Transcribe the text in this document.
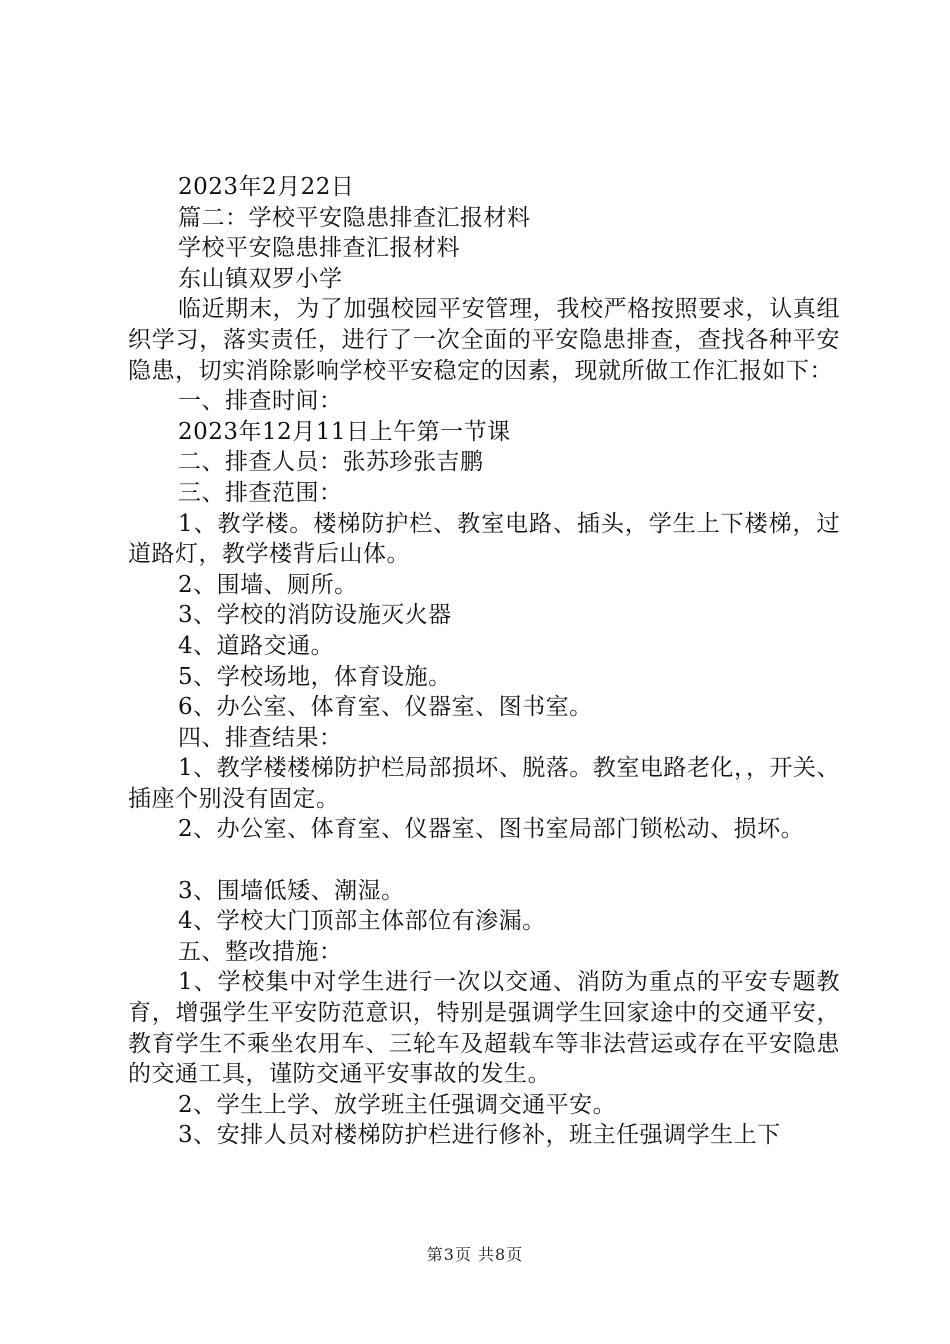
2023年2月22日

篇二：学校平安隐患排查汇报材料

学校平安隐患排查汇报材料

东山镇双罗小学

临近期末，为了加强校园平安管理，我校严格按照要求，认真组织学习，落实责任，进行了一次全面的平安隐患排查，查找各种平安隐患，切实消除影响学校平安稳定的因素，现就所做工作汇报如下：

一、排查时间：

2023年12月11日上午第一节课

二、排查人员：张苏珍张吉鹏

三、排查范围：

1、教学楼。楼梯防护栏、教室电路、插头，学生上下楼梯，过道路灯，教学楼背后山体。

2、围墙、厕所。

3、学校的消防设施灭火器

4、道路交通。

5、学校场地，体育设施。

6、办公室、体育室、仪器室、图书室。

四、排查结果：

1、教学楼楼梯防护栏局部损坏、脱落。教室电路老化，，开关、插座个别没有固定。

2、办公室、体育室、仪器室、图书室局部门锁松动、损坏。

3、围墙低矮、潮湿。

4、学校大门顶部主体部位有渗漏。

五、整改措施：

1、学校集中对学生进行一次以交通、消防为重点的平安专题教育，增强学生平安防范意识，特别是强调学生回家途中的交通平安，教育学生不乘坐农用车、三轮车及超载车等非法营运或存在平安隐患的交通工具，谨防交通平安事故的发生。

2、学生上学、放学班主任强调交通平安。

3、安排人员对楼梯防护栏进行修补，班主任强调学生上下

第3页 共8页
